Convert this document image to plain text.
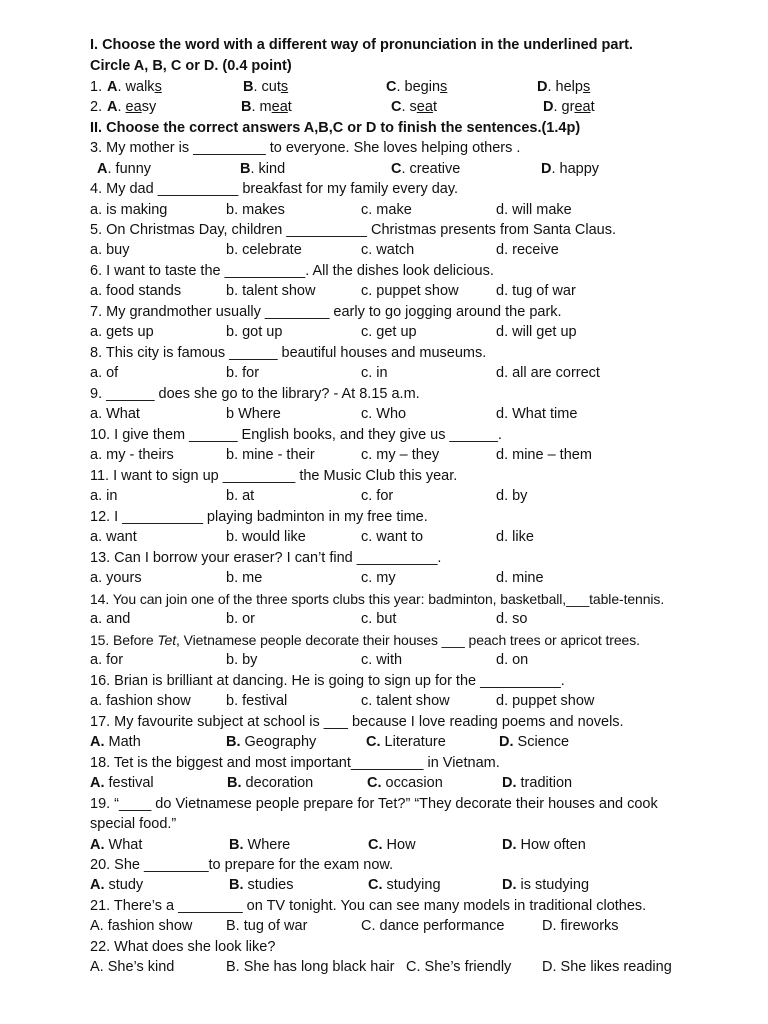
I. Choose the word with a different way of pronunciation in the underlined part.
Circle A, B, C or D. (0.4 point)
1. A. walks	B. cuts	C. begins	D. helps
2. A. easy	B. meat	C. seat	D. great
II. Choose the correct answers A,B,C or D to finish the sentences.(1.4p)
3. My mother is _________ to everyone. She loves helping others .
A. funny	B. kind	C. creative	D. happy
4. My dad __________ breakfast for my family every day.
a. is making	b. makes	c. make	d. will make
5. On Christmas Day, children __________ Christmas presents from Santa Claus.
a. buy	b. celebrate	c. watch	d. receive
6. I want to taste the __________. All the dishes look delicious.
a. food stands	b. talent show	c. puppet show	d. tug of war
7. My grandmother usually ________ early to go jogging around the park.
a. gets up	b. got up	c. get up	d. will get up
8. This city is famous ______ beautiful houses and museums.
a. of	b. for	c. in	d. all are correct
9. ______ does she go to the library? - At 8.15 a.m.
a. What	b Where	c. Who	d. What time
10. I give them ______ English books, and they give us ______.
a. my - theirs	b. mine - their	c. my – they	d. mine – them
11. I want to sign up _________ the Music Club this year.
a. in	b. at	c. for	d. by
12. I __________ playing badminton in my free time.
a. want	b. would like	c. want to	d. like
13. Can I borrow your eraser? I can’t find __________.
a. yours	b. me	c. my	d. mine
14. You can join one of the three sports clubs this year: badminton, basketball,___table-tennis.
a. and	b. or	c. but	d. so
15. Before Tet, Vietnamese people decorate their houses ___ peach trees or apricot trees.
a. for	b. by	c. with	d. on
16. Brian is brilliant at dancing. He is going to sign up for the __________.
a. fashion show b. festival	c. talent show	d. puppet show
17. My favourite subject at school is ___ because I love reading poems and novels.
A. Math	B. Geography	C. Literature	D. Science
18. Tet is the biggest and most important_________ in Vietnam.
A. festival	B. decoration	C. occasion	D. tradition
19. “____ do Vietnamese people prepare for Tet?” “They decorate their houses and cook
special food.”
A. What	B. Where	C. How	D. How often
20. She ________to prepare for the exam now.
A. study	B. studies	C. studying	D. is studying
21. There’s a ________ on TV tonight. You can see many models in traditional clothes.
A. fashion show B. tug of war	C. dance performance	D. fireworks
22. What does she look like?
A. She’s kind	B. She has long black hair C. She’s friendly D. She likes reading
